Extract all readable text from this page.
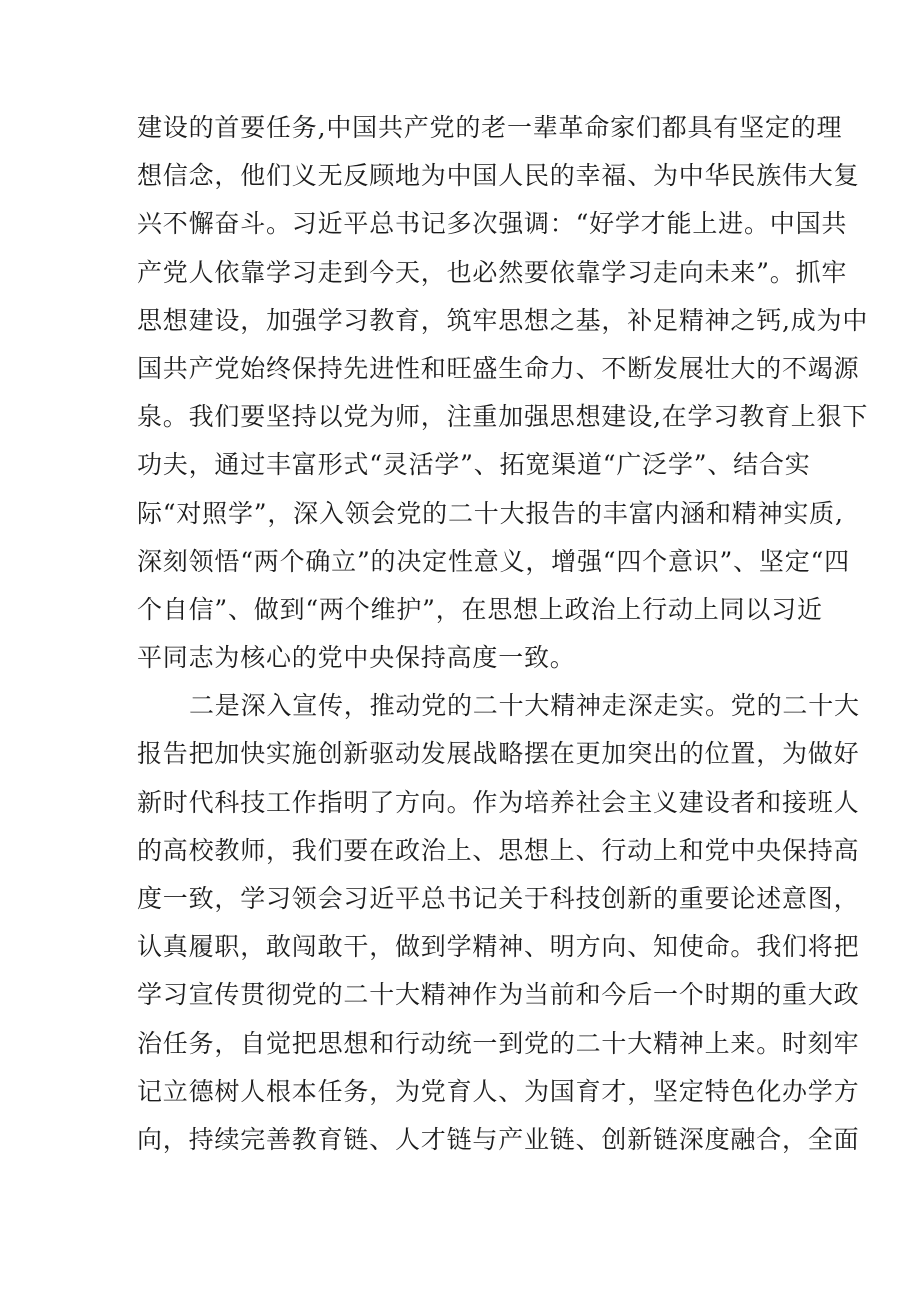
建设的首要任务,中国共产党的老一辈革命家们都具有坚定的理
想信念，他们义无反顾地为中国人民的幸福、为中华民族伟大复
兴不懈奋斗。习近平总书记多次强调：“好学才能上进。中国共
产党人依靠学习走到今天，也必然要依靠学习走向未来”。抓牢
思想建设，加强学习教育，筑牢思想之基，补足精神之钙,成为中
国共产党始终保持先进性和旺盛生命力、不断发展壮大的不竭源
泉。我们要坚持以党为师，注重加强思想建设,在学习教育上狠下
功夫，通过丰富形式“灵活学”、拓宽渠道“广泛学”、结合实
际“对照学”，深入领会党的二十大报告的丰富内涵和精神实质,
深刻领悟“两个确立”的决定性意义，增强“四个意识”、坚定“四
个自信”、做到“两个维护”，在思想上政治上行动上同以习近
平同志为核心的党中央保持高度一致。
二是深入宣传，推动党的二十大精神走深走实。党的二十大
报告把加快实施创新驱动发展战略摆在更加突出的位置，为做好
新时代科技工作指明了方向。作为培养社会主义建设者和接班人
的高校教师，我们要在政治上、思想上、行动上和党中央保持高
度一致，学习领会习近平总书记关于科技创新的重要论述意图，
认真履职，敢闯敢干，做到学精神、明方向、知使命。我们将把
学习宣传贯彻党的二十大精神作为当前和今后一个时期的重大政
治任务，自觉把思想和行动统一到党的二十大精神上来。时刻牢
记立德树人根本任务，为党育人、为国育才，坚定特色化办学方
向，持续完善教育链、人才链与产业链、创新链深度融合，全面
